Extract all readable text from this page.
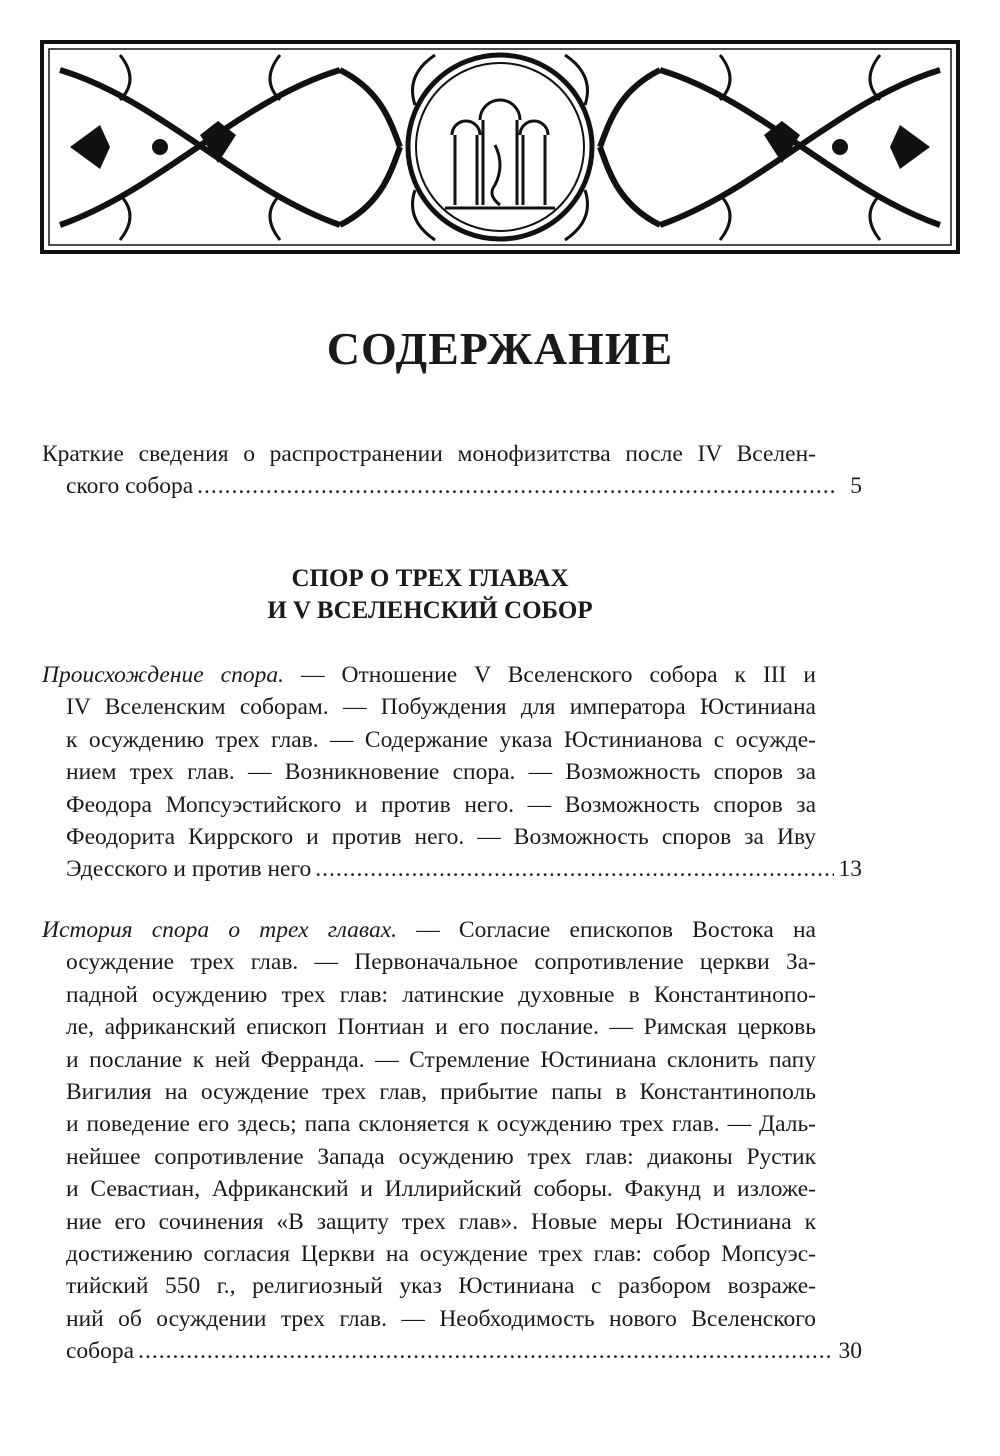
СОДЕРЖАНИЕ
Краткие сведения о распространении монофизитства после IV Вселен-
ского собора .....	5
СПОР О ТРЕХ ГЛАВАХ
И V ВСЕЛЕНСКИЙ СОБОР
Происхождение спора. — Отношение V Вселенского собора к III и
IV Вселенским соборам. — Побуждения для императора Юстиниана
к осуждению трех глав. — Содержание указа Юстинианова с осужде-
нием трех глав. — Возникновение спора. — Возможность споров за
Феодора Мопсуэстийского и против него. — Возможность споров за
Феодорита Киррского и против него. — Возможность споров за Иву
Эдесского и против него .....	13
История спора о трех главах. — Согласие епископов Востока на
осуждение трех глав. — Первоначальное сопротивление церкви За-
падной осуждению трех глав: латинские духовные в Константинопо-
ле, африканский епископ Понтиан и его послание. — Римская церковь
и послание к ней Ферранда. — Стремление Юстиниана склонить папу
Вигилия на осуждение трех глав, прибытие папы в Константинополь
и поведение его здесь; папа склоняется к осуждению трех глав. — Даль-
нейшее сопротивление Запада осуждению трех глав: диаконы Рустик
и Севастиан, Африканский и Иллирийский соборы. Факунд и изложе-
ние его сочинения «В защиту трех глав». Новые меры Юстиниана к
достижению согласия Церкви на осуждение трех глав: собор Мопсуэс-
тийский 550 г., религиозный указ Юстиниана с разбором возраже-
ний об осуждении трех глав. — Необходимость нового Вселенского
собора .....	30
